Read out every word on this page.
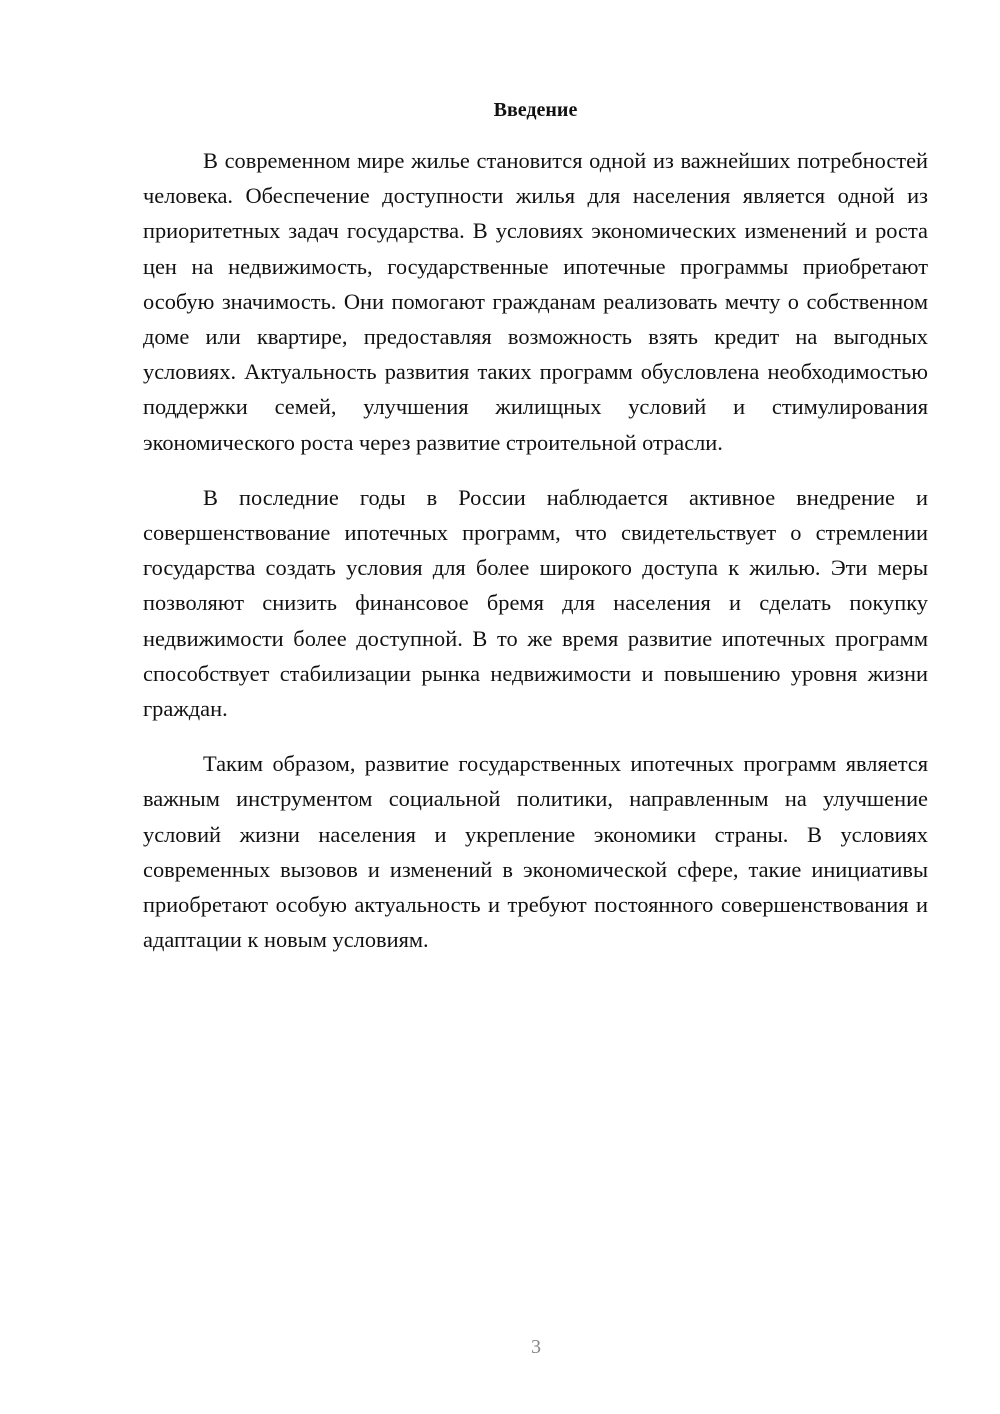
Введение

В современном мире жилье становится одной из важнейших потребностей человека. Обеспечение доступности жилья для населения является одной из приоритетных задач государства. В условиях экономических изменений и роста цен на недвижимость, государственные ипотечные программы приобретают особую значимость. Они помогают гражданам реализовать мечту о собственном доме или квартире, предоставляя возможность взять кредит на выгодных условиях. Актуальность развития таких программ обусловлена необходимостью поддержки семей, улучшения жилищных условий и стимулирования экономического роста через развитие строительной отрасли.

В последние годы в России наблюдается активное внедрение и совершенствование ипотечных программ, что свидетельствует о стремлении государства создать условия для более широкого доступа к жилью. Эти меры позволяют снизить финансовое бремя для населения и сделать покупку недвижимости более доступной. В то же время развитие ипотечных программ способствует стабилизации рынка недвижимости и повышению уровня жизни граждан.

Таким образом, развитие государственных ипотечных программ является важным инструментом социальной политики, направленным на улучшение условий жизни населения и укрепление экономики страны. В условиях современных вызовов и изменений в экономической сфере, такие инициативы приобретают особую актуальность и требуют постоянного совершенствования и адаптации к новым условиям.

3
